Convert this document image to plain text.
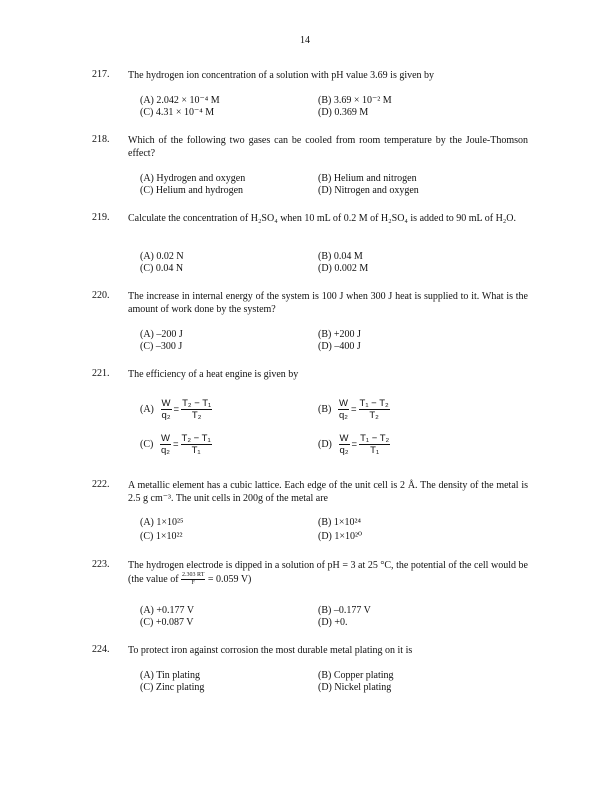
14
217. The hydrogen ion concentration of a solution with pH value 3.69 is given by
(A) 2.042 × 10⁻⁴ M	(B) 3.69 × 10⁻² M
(C) 4.31 × 10⁻⁴ M	(D) 0.369 M
218. Which of the following two gases can be cooled from room temperature by the Joule-Thomson effect?
(A) Hydrogen and oxygen	(B) Helium and nitrogen
(C) Helium and hydrogen	(D) Nitrogen and oxygen
219. Calculate the concentration of H₂SO₄ when 10 mL of 0.2 M of H₂SO₄ is added to 90 mL of H₂O.
(A) 0.02 N	(B) 0.04 M
(C) 0.04 N	(D) 0.002 M
220. The increase in internal energy of the system is 100 J when 300 J heat is supplied to it. What is the amount of work done by the system?
(A) –200 J	(B) +200 J
(C) –300 J	(D) –400 J
221. The efficiency of a heat engine is given by
$(A) \frac{W}{\text{q₂}} = \frac{\text{T₂ − T₁}}{\text{T₂}}$	$(B) \frac{W}{\text{q₂}} = \frac{\text{T₁ − T₂}}{\text{T₂}}$
$(C) \frac{W}{\text{q₂}} = \frac{\text{T₂ − T₁}}{\text{T₁}}$	$(D) \frac{W}{\text{q₂}} = \frac{\text{T₁ − T₂}}{\text{T₁}}$
222. A metallic element has a cubic lattice. Each edge of the unit cell is 2 Å. The density of the metal is 2.5 g cm⁻³. The unit cells in 200g of the metal are
(A) 1×10²⁵	(B) 1×10²⁴
(C) 1×10²²	(D) 1×10²⁰
223. The hydrogen electrode is dipped in a solution of pH = 3 at 25 °C, the potential of the cell would be (the value of $\frac{2.303 RT}{F} = 0.059$ V)
(A) +0.177 V	(B) –0.177 V
(C) +0.087 V	(D) +0.
224. To protect iron against corrosion the most durable metal plating on it is
(A) Tin plating	(B) Copper plating
(C) Zinc plating	(D) Nickel plating
